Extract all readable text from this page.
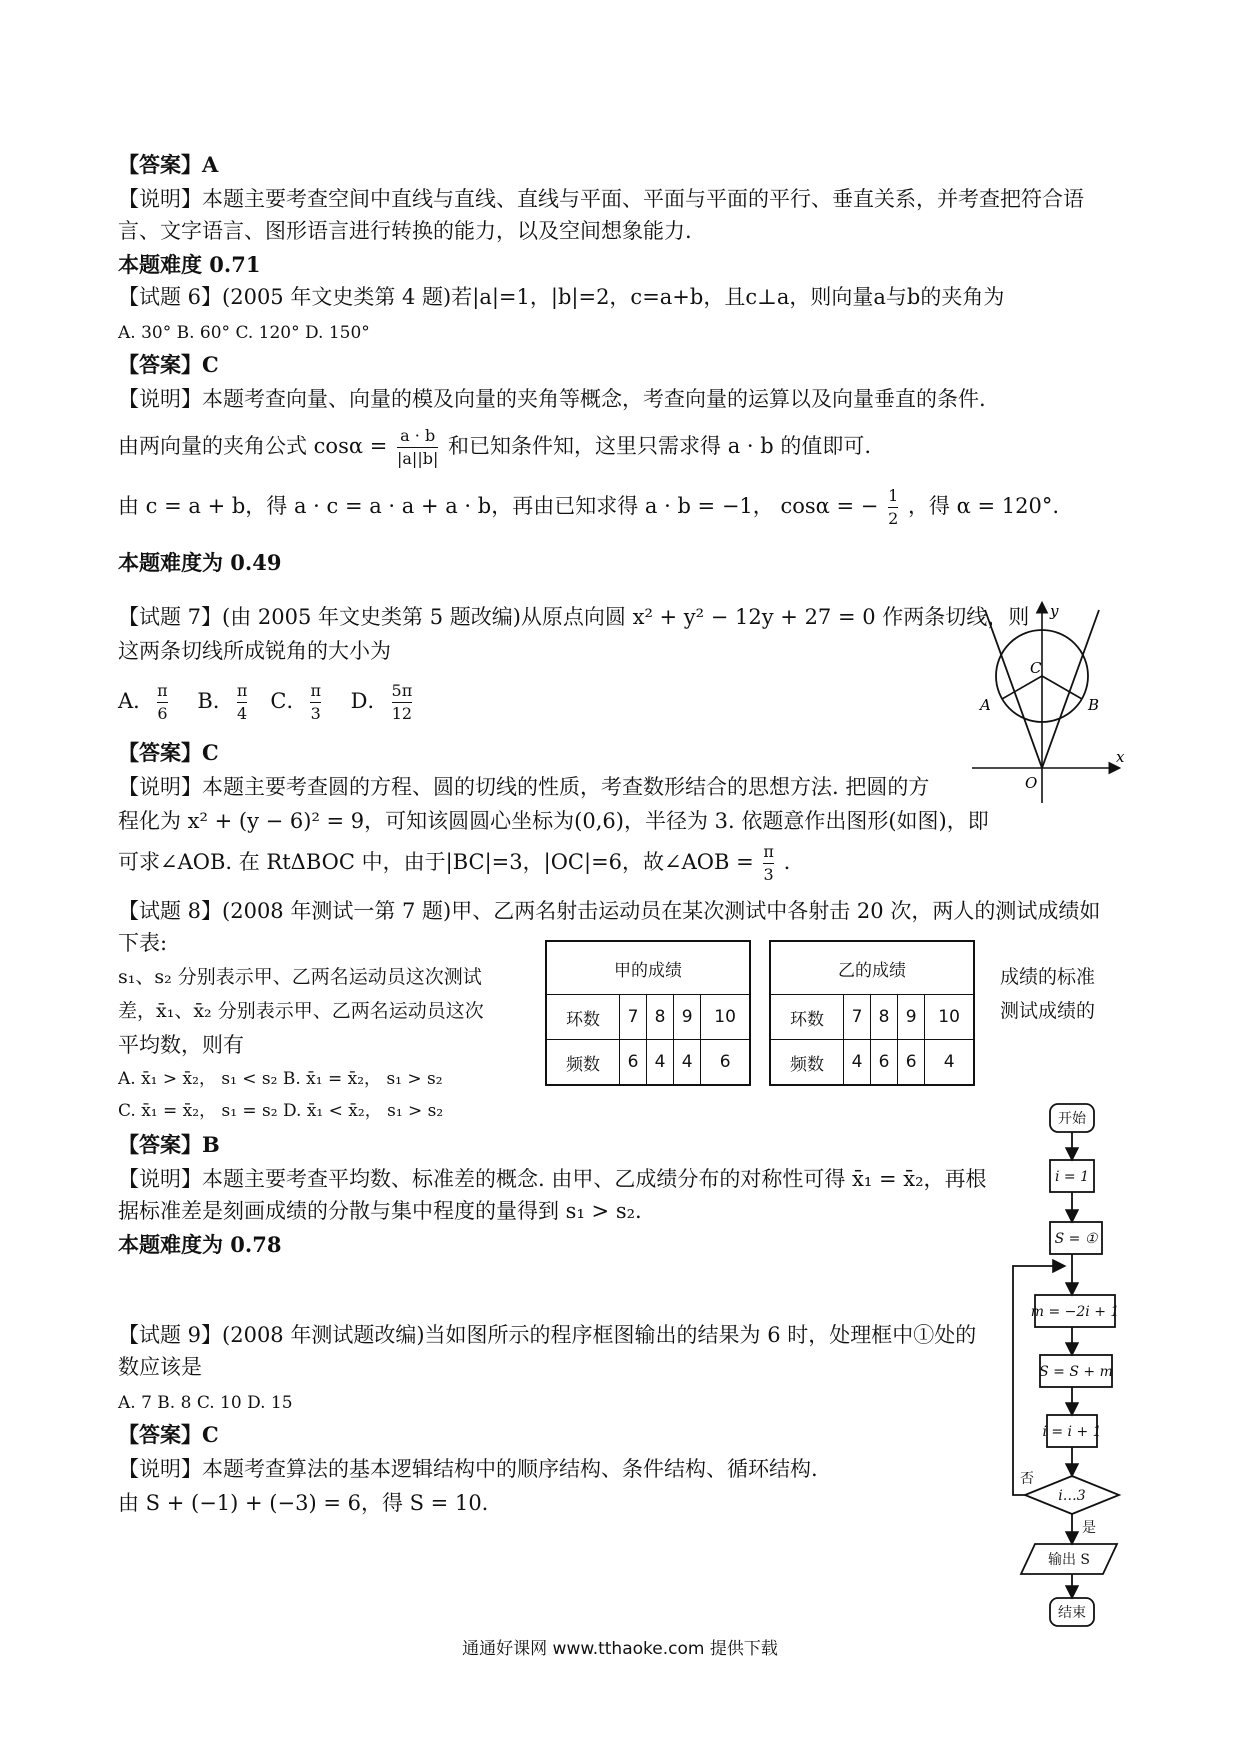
【答案】A
【说明】本题主要考查空间中直线与直线、直线与平面、平面与平面的平行、垂直关系，并考查把符合语
言、文字语言、图形语言进行转换的能力，以及空间想象能力.
本题难度 0.71
【试题 6】(2005 年文史类第 4 题)若|a|=1，|b|=2，c=a+b，且c⊥a，则向量a与b的夹角为
A. 30° B. 60° C. 120° D. 150°
【答案】C
【说明】本题考查向量、向量的模及向量的夹角等概念，考查向量的运算以及向量垂直的条件.
由两向量的夹角公式 $\cos\alpha = \frac{a \cdot b}{|a||b|}$ 和已知条件知，这里只需求得 a · b 的值即可.
由 c = a + b，得 a · c = a · a + a · b，再由已知求得 a · b = −1， cosα = − $\frac{1}{2}$ ，得 α = 120°.
本题难度为 0.49
【试题 7】(由 2005 年文史类第 5 题改编)从原点向圆 x² + y² − 12y + 27 = 0 作两条切线，则
这两条切线所成锐角的大小为
A． $\frac{\pi}{6}$ B． $\frac{\pi}{4}$ C． $\frac{\pi}{3}$ D． $\frac{5\pi}{12}$
【答案】C
【说明】本题主要考查圆的方程、圆的切线的性质，考查数形结合的思想方法. 把圆的方
程化为 x² + (y − 6)² = 9，可知该圆圆心坐标为(0,6)，半径为 3. 依题意作出图形(如图)，即
可求∠AOB. 在 RtΔBOC 中，由于|BC|=3，|OC|=6，故∠AOB = $\frac{\pi}{3}$ .
y
x
C
A	B
O
【试题 8】(2008 年测试一第 7 题)甲、乙两名射击运动员在某次测试中各射击 20 次，两人的测试成绩如
下表:
s₁、s₂ 分别表示甲、乙两名运动员这次测试
差，x̄₁、x̄₂ 分别表示甲、乙两名运动员这次
平均数，则有
成绩的标准
测试成绩的
A. x̄₁ > x̄₂， s₁ < s₂ B. x̄₁ = x̄₂， s₁ > s₂
C. x̄₁ = x̄₂， s₁ = s₂ D. x̄₁ < x̄₂， s₁ > s₂
甲的成绩				
环数	7	8	9	10
频数	6	4	4	6
乙的成绩				
环数	7	8	9	10
频数	4	6	6	4
【答案】B
【说明】本题主要考查平均数、标准差的概念. 由甲、乙成绩分布的对称性可得 x̄₁ = x̄₂，再根
据标准差是刻画成绩的分散与集中程度的量得到 s₁ > s₂.
本题难度为 0.78
【试题 9】(2008 年测试题改编)当如图所示的程序框图输出的结果为 6 时，处理框中①处的
数应该是
A. 7 B. 8 C. 10 D. 15
【答案】C
【说明】本题考查算法的基本逻辑结构中的顺序结构、条件结构、循环结构.
由 S + (−1) + (−3) = 6，得 S = 10.
开始
i = 1
S = ①
m = −2i + 1
S = S + m
i = i + 1
i…3
否
是
输出 S
结束
通通好课网 www.tthaoke.com 提供下载
